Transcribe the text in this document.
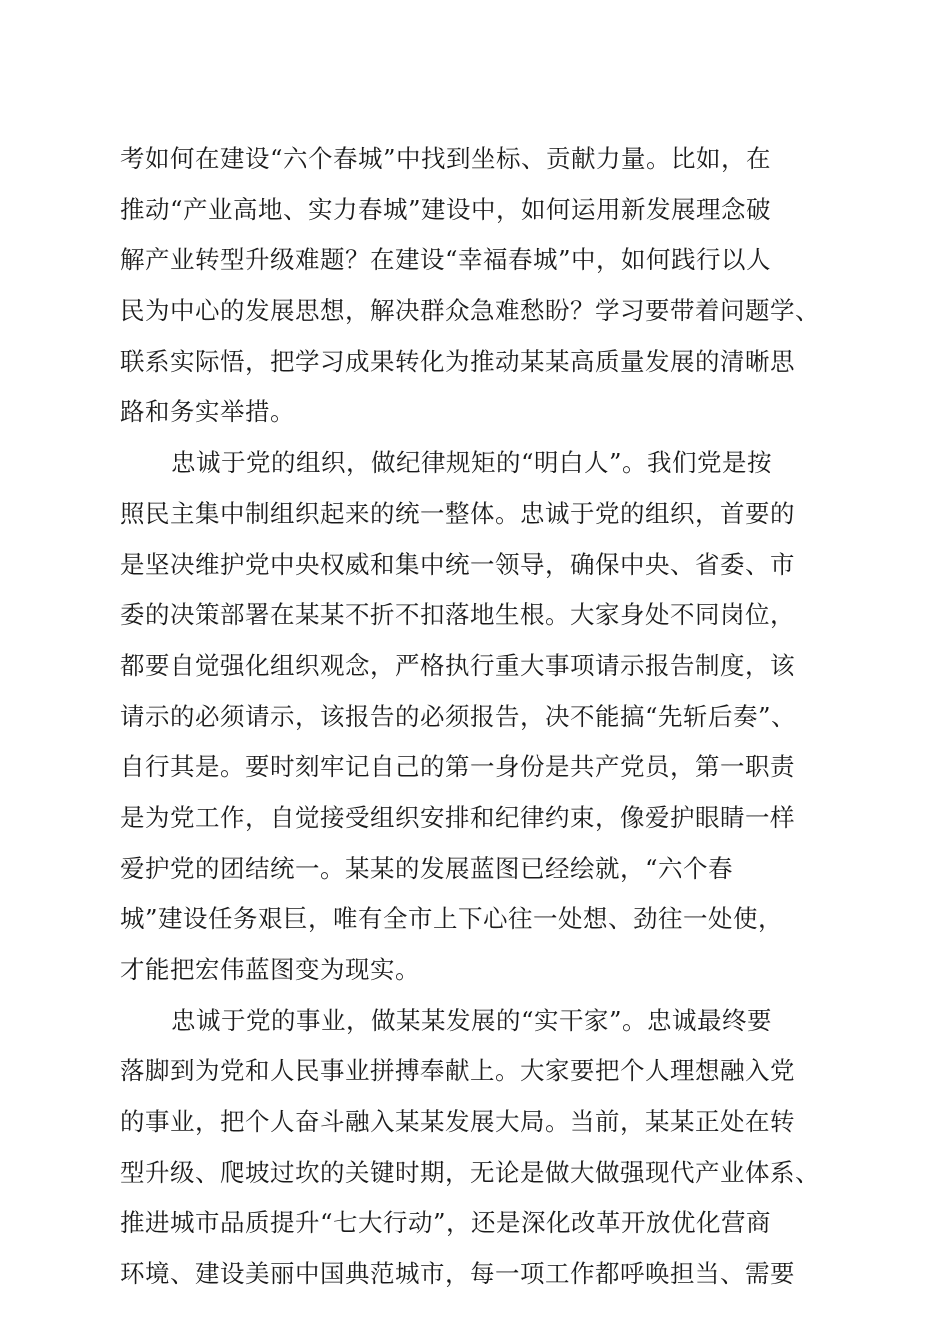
考如何在建设“六个春城”中找到坐标、贡献力量。比如，在
推动“产业高地、实力春城”建设中，如何运用新发展理念破
解产业转型升级难题？在建设“幸福春城”中，如何践行以人
民为中心的发展思想，解决群众急难愁盼？学习要带着问题学、
联系实际悟，把学习成果转化为推动某某高质量发展的清晰思
路和务实举措。
忠诚于党的组织，做纪律规矩的“明白人”。我们党是按
照民主集中制组织起来的统一整体。忠诚于党的组织，首要的
是坚决维护党中央权威和集中统一领导，确保中央、省委、市
委的决策部署在某某不折不扣落地生根。大家身处不同岗位，
都要自觉强化组织观念，严格执行重大事项请示报告制度，该
请示的必须请示，该报告的必须报告，决不能搞“先斩后奏”、
自行其是。要时刻牢记自己的第一身份是共产党员，第一职责
是为党工作，自觉接受组织安排和纪律约束，像爱护眼睛一样
爱护党的团结统一。某某的发展蓝图已经绘就，“六个春
城”建设任务艰巨，唯有全市上下心往一处想、劲往一处使，
才能把宏伟蓝图变为现实。
忠诚于党的事业，做某某发展的“实干家”。忠诚最终要
落脚到为党和人民事业拼搏奉献上。大家要把个人理想融入党
的事业，把个人奋斗融入某某发展大局。当前，某某正处在转
型升级、爬坡过坎的关键时期，无论是做大做强现代产业体系、
推进城市品质提升“七大行动”，还是深化改革开放优化营商
环境、建设美丽中国典范城市，每一项工作都呼唤担当、需要
